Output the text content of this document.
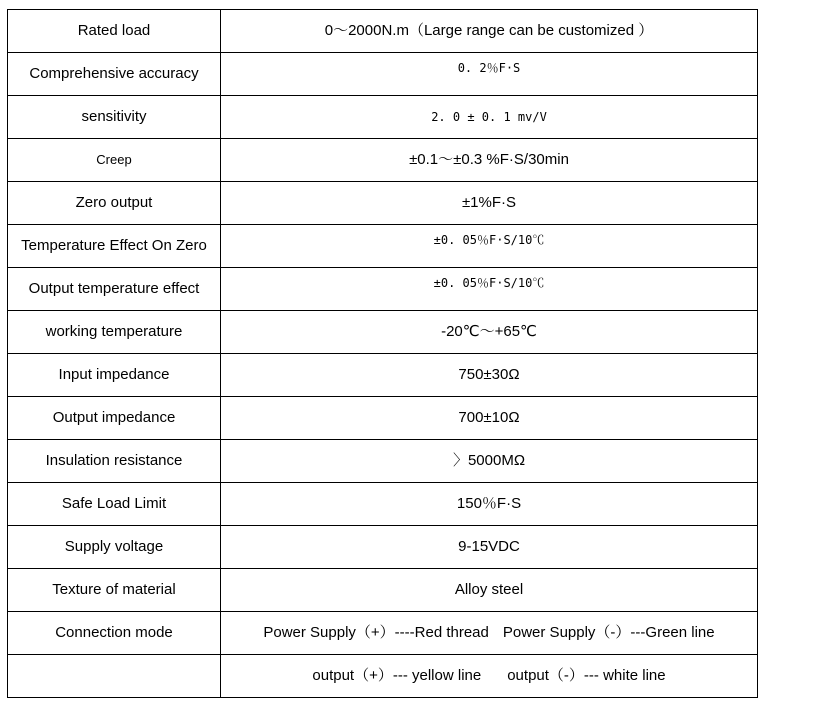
Rated load	0～2000N.m（Large range can be customized ）
Comprehensive accuracy	0. 2％F·S
sensitivity	2. 0 ± 0. 1 mv/V
Creep	±0.1～±0.3 %F·S/30min
Zero output	±1%F·S
Temperature Effect On Zero	±0. 05％F·S/10℃
Output temperature effect	±0. 05％F·S/10℃
working temperature	-20℃～+65℃
Input impedance	750±30Ω
Output impedance	700±10Ω
Insulation resistance	〉5000MΩ
Safe Load Limit	150％F·S
Supply voltage	9-15VDC
Texture of material	Alloy steel
Connection mode	Power Supply（+）----Red thread Power Supply（-）---Green line
	output（+）--- yellow line output（-）--- white line
